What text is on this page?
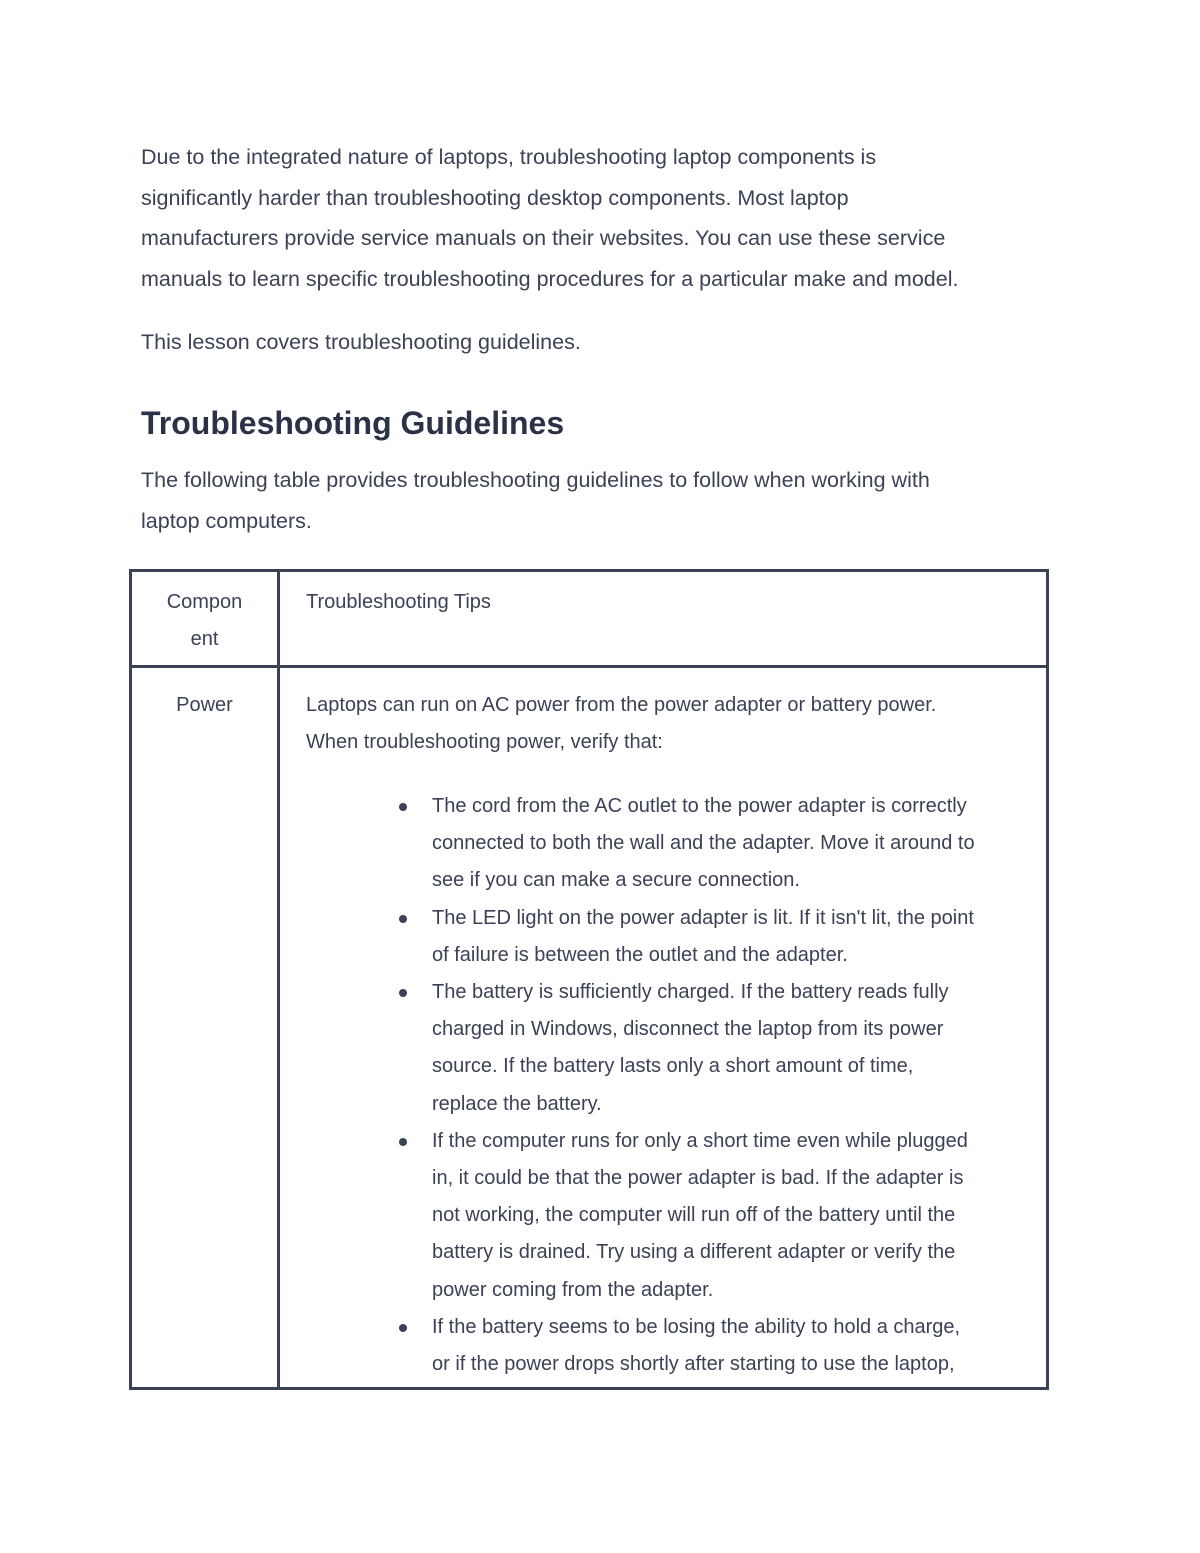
Due to the integrated nature of laptops, troubleshooting laptop components is
significantly harder than troubleshooting desktop components. Most laptop
manufacturers provide service manuals on their websites. You can use these service
manuals to learn specific troubleshooting procedures for a particular make and model.

This lesson covers troubleshooting guidelines.

Troubleshooting Guidelines

The following table provides troubleshooting guidelines to follow when working with
laptop computers.

Compon
ent
Troubleshooting Tips
Power	Laptops can run on AC power from the power adapter or battery power.
When troubleshooting power, verify that:
The cord from the AC outlet to the power adapter is correctly
connected to both the wall and the adapter. Move it around to
see if you can make a secure connection.
The LED light on the power adapter is lit. If it isn't lit, the point
of failure is between the outlet and the adapter.
The battery is sufficiently charged. If the battery reads fully
charged in Windows, disconnect the laptop from its power
source. If the battery lasts only a short amount of time,
replace the battery.
If the computer runs for only a short time even while plugged
in, it could be that the power adapter is bad. If the adapter is
not working, the computer will run off of the battery until the
battery is drained. Try using a different adapter or verify the
power coming from the adapter.
If the battery seems to be losing the ability to hold a charge,
or if the power drops shortly after starting to use the laptop,
